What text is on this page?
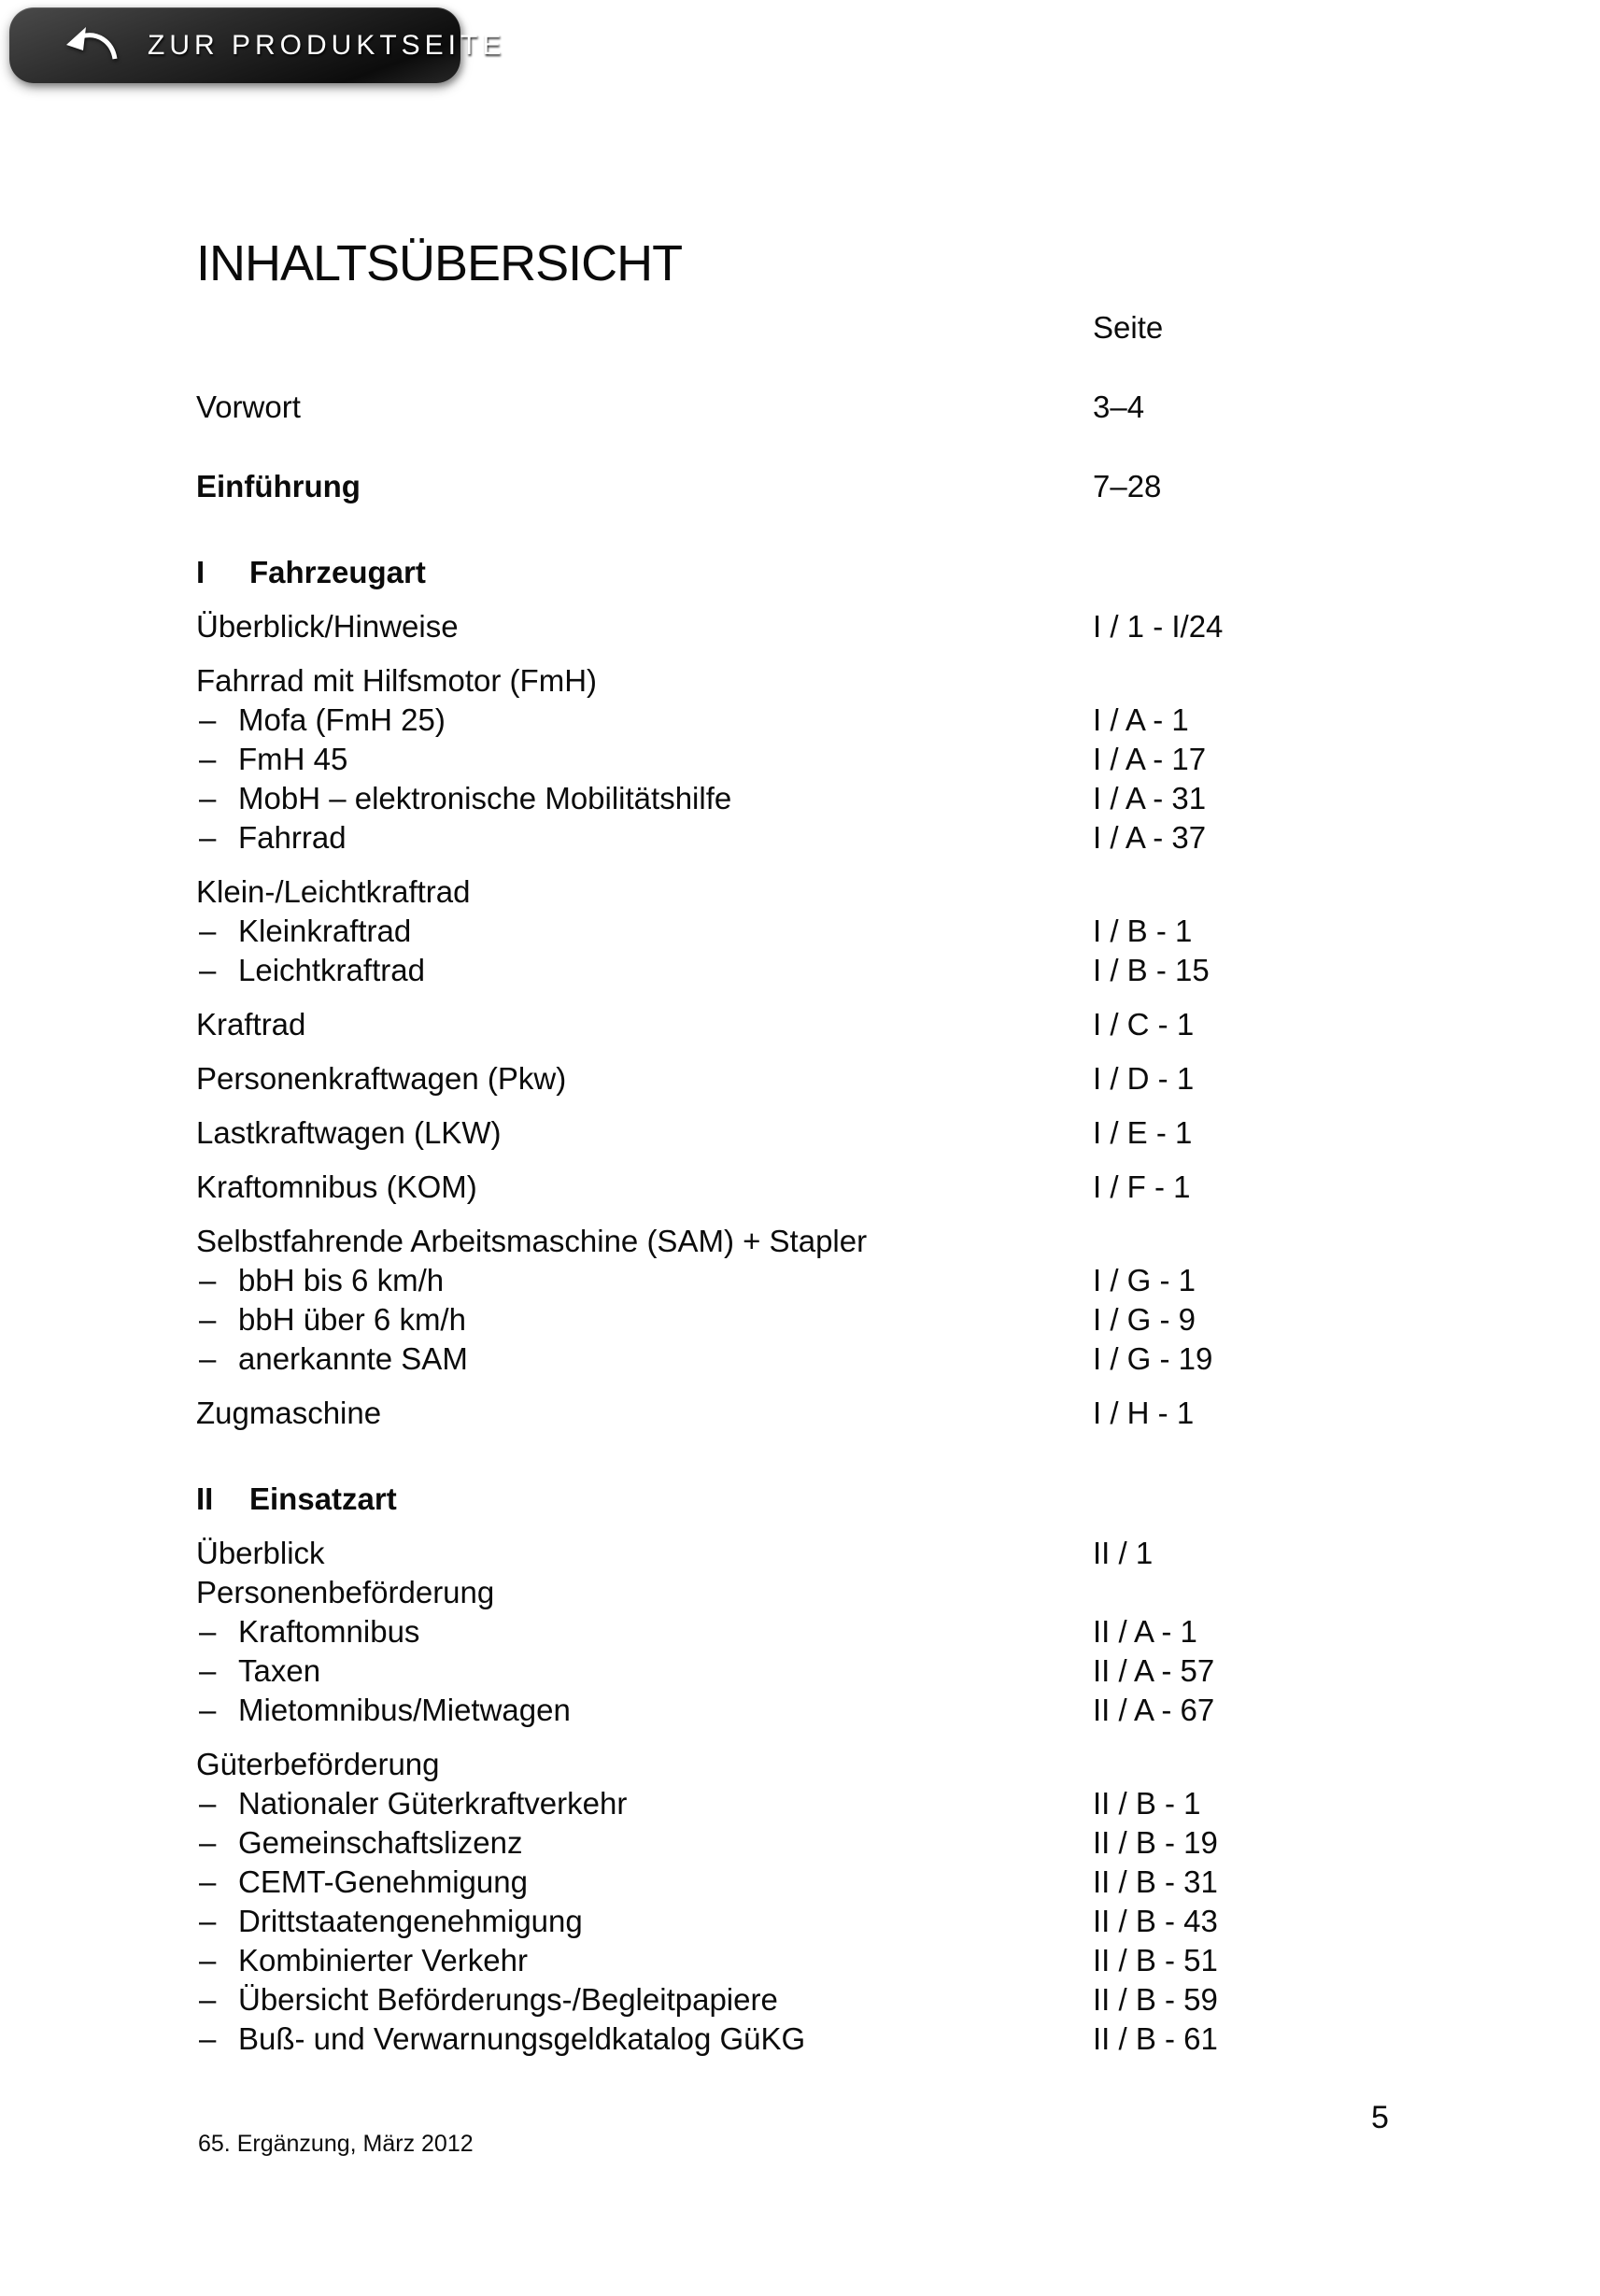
ZUR PRODUKTSEITE
INHALTSÜBERSICHT
Seite
Vorwort	3–4
Einführung	7–28
I Fahrzeugart
Überblick/Hinweise	I / 1 - I/24
Fahrrad mit Hilfsmotor (FmH)
– Mofa (FmH 25)	I / A - 1
– FmH 45	I / A - 17
– MobH – elektronische Mobilitätshilfe	I / A - 31
– Fahrrad	I / A - 37
Klein-/Leichtkraftrad
– Kleinkraftrad	I / B - 1
– Leichtkraftrad	I / B - 15
Kraftrad	I / C - 1
Personenkraftwagen (Pkw)	I / D - 1
Lastkraftwagen (LKW)	I / E - 1
Kraftomnibus (KOM)	I / F - 1
Selbstfahrende Arbeitsmaschine (SAM) + Stapler
– bbH bis 6 km/h	I / G - 1
– bbH über 6 km/h	I / G - 9
– anerkannte SAM	I / G - 19
Zugmaschine	I / H - 1
II Einsatzart
Überblick	II / 1
Personenbeförderung
– Kraftomnibus	II / A - 1
– Taxen	II / A - 57
– Mietomnibus/Mietwagen	II / A - 67
Güterbeförderung
– Nationaler Güterkraftverkehr	II / B - 1
– Gemeinschaftslizenz	II / B - 19
– CEMT-Genehmigung	II / B - 31
– Drittstaatengenehmigung	II / B - 43
– Kombinierter Verkehr	II / B - 51
– Übersicht Beförderungs-/Begleitpapiere	II / B - 59
– Buß- und Verwarnungsgeldkatalog GüKG	II / B - 61
65. Ergänzung, März 2012
5
